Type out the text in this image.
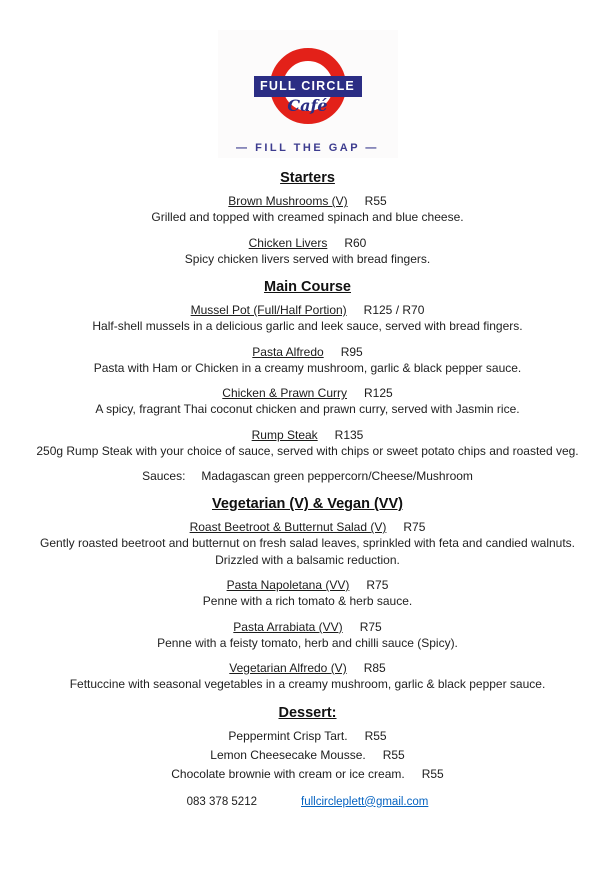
FULL CIRCLE
Café
— FILL THE GAP —
Starters
Brown Mushrooms (V) R55
Grilled and topped with creamed spinach and blue cheese.
Chicken Livers R60
Spicy chicken livers served with bread fingers.
Main Course
Mussel Pot (Full/Half Portion) R125 / R70
Half-shell mussels in a delicious garlic and leek sauce, served with bread fingers.
Pasta Alfredo R95
Pasta with Ham or Chicken in a creamy mushroom, garlic & black pepper sauce.
Chicken & Prawn Curry R125
A spicy, fragrant Thai coconut chicken and prawn curry, served with Jasmin rice.
Rump Steak R135
250g Rump Steak with your choice of sauce, served with chips or sweet potato chips and roasted veg.
Sauces: Madagascan green peppercorn/Cheese/Mushroom
Vegetarian (V) & Vegan (VV)
Roast Beetroot & Butternut Salad (V) R75
Gently roasted beetroot and butternut on fresh salad leaves, sprinkled with feta and candied walnuts.
Drizzled with a balsamic reduction.
Pasta Napoletana (VV) R75
Penne with a rich tomato & herb sauce.
Pasta Arrabiata (VV) R75
Penne with a feisty tomato, herb and chilli sauce (Spicy).
Vegetarian Alfredo (V) R85
Fettuccine with seasonal vegetables in a creamy mushroom, garlic & black pepper sauce.
Dessert:
Peppermint Crisp Tart. R55
Lemon Cheesecake Mousse. R55
Chocolate brownie with cream or ice cream. R55
083 378 5212	fullcircleplett@gmail.com
